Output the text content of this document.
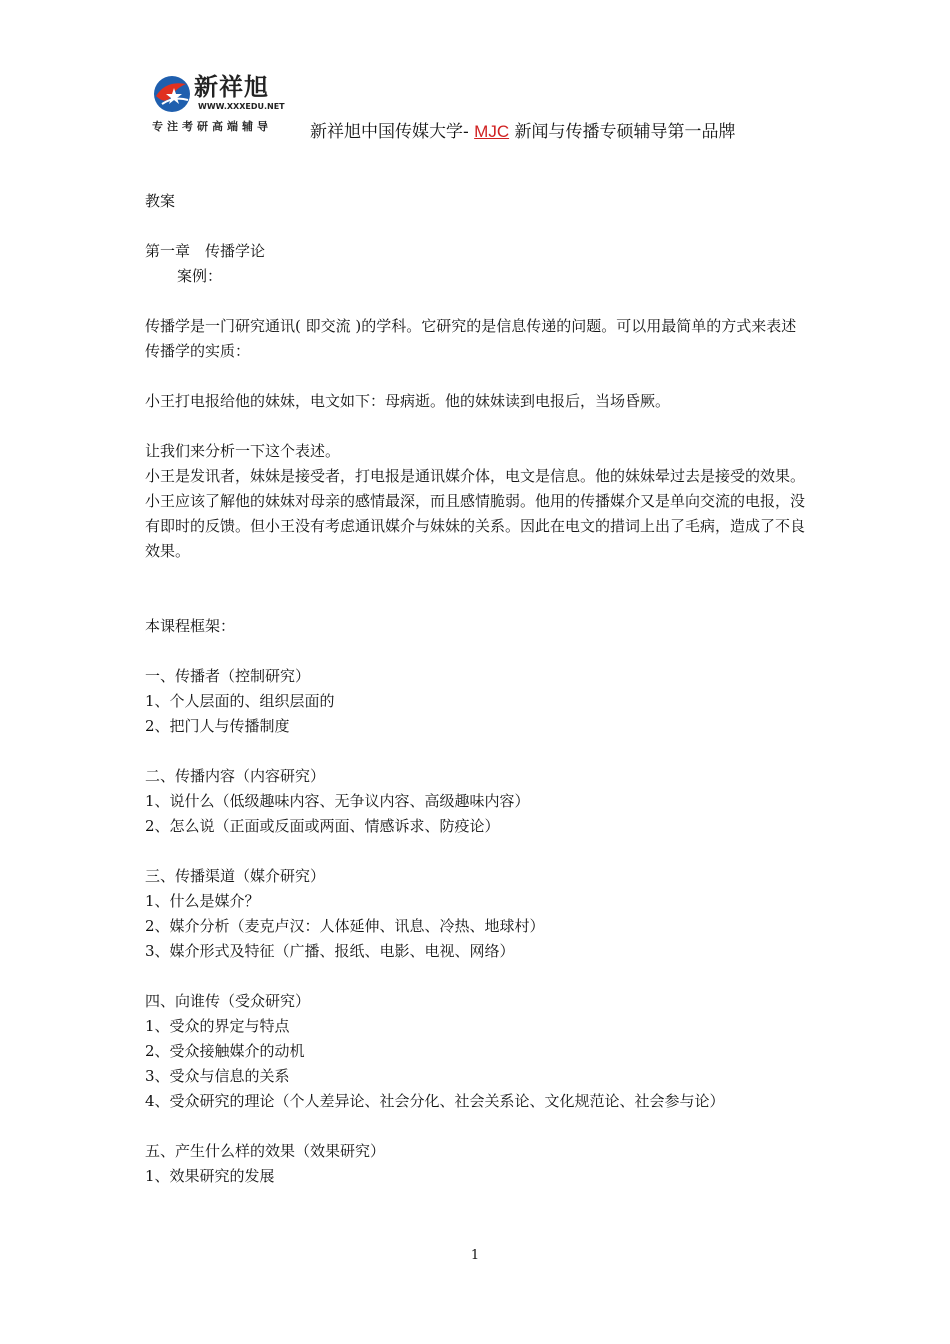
新祥旭
WWW.XXXEDU.NET
专注考研高端辅导 新祥旭中国传媒大学- MJC 新闻与传播专硕辅导第一品牌

教案

第一章　传播学论

案例：

传播学是一门研究通讯( 即交流 )的学科。它研究的是信息传递的问题。可以用最简单的方式来表述传播学的实质：

小王打电报给他的妹妹，电文如下：母病逝。他的妹妹读到电报后，当场昏厥。

让我们来分析一下这个表述。

小王是发讯者，妹妹是接受者，打电报是通讯媒介体，电文是信息。他的妹妹晕过去是接受的效果。

小王应该了解他的妹妹对母亲的感情最深，而且感情脆弱。他用的传播媒介又是单向交流的电报，没有即时的反馈。但小王没有考虑通讯媒介与妹妹的关系。因此在电文的措词上出了毛病，造成了不良效果。

本课程框架：

一、传播者（控制研究）

1、个人层面的、组织层面的

2、把门人与传播制度

二、传播内容（内容研究）

1、说什么（低级趣味内容、无争议内容、高级趣味内容）

2、怎么说（正面或反面或两面、情感诉求、防疫论）

三、传播渠道（媒介研究）

1、什么是媒介？

2、媒介分析（麦克卢汉：人体延伸、讯息、冷热、地球村）

3、媒介形式及特征（广播、报纸、电影、电视、网络）

四、向谁传（受众研究）

1、受众的界定与特点

2、受众接触媒介的动机

3、受众与信息的关系

4、受众研究的理论（个人差异论、社会分化、社会关系论、文化规范论、社会参与论）

五、产生什么样的效果（效果研究）

1、效果研究的发展

1
